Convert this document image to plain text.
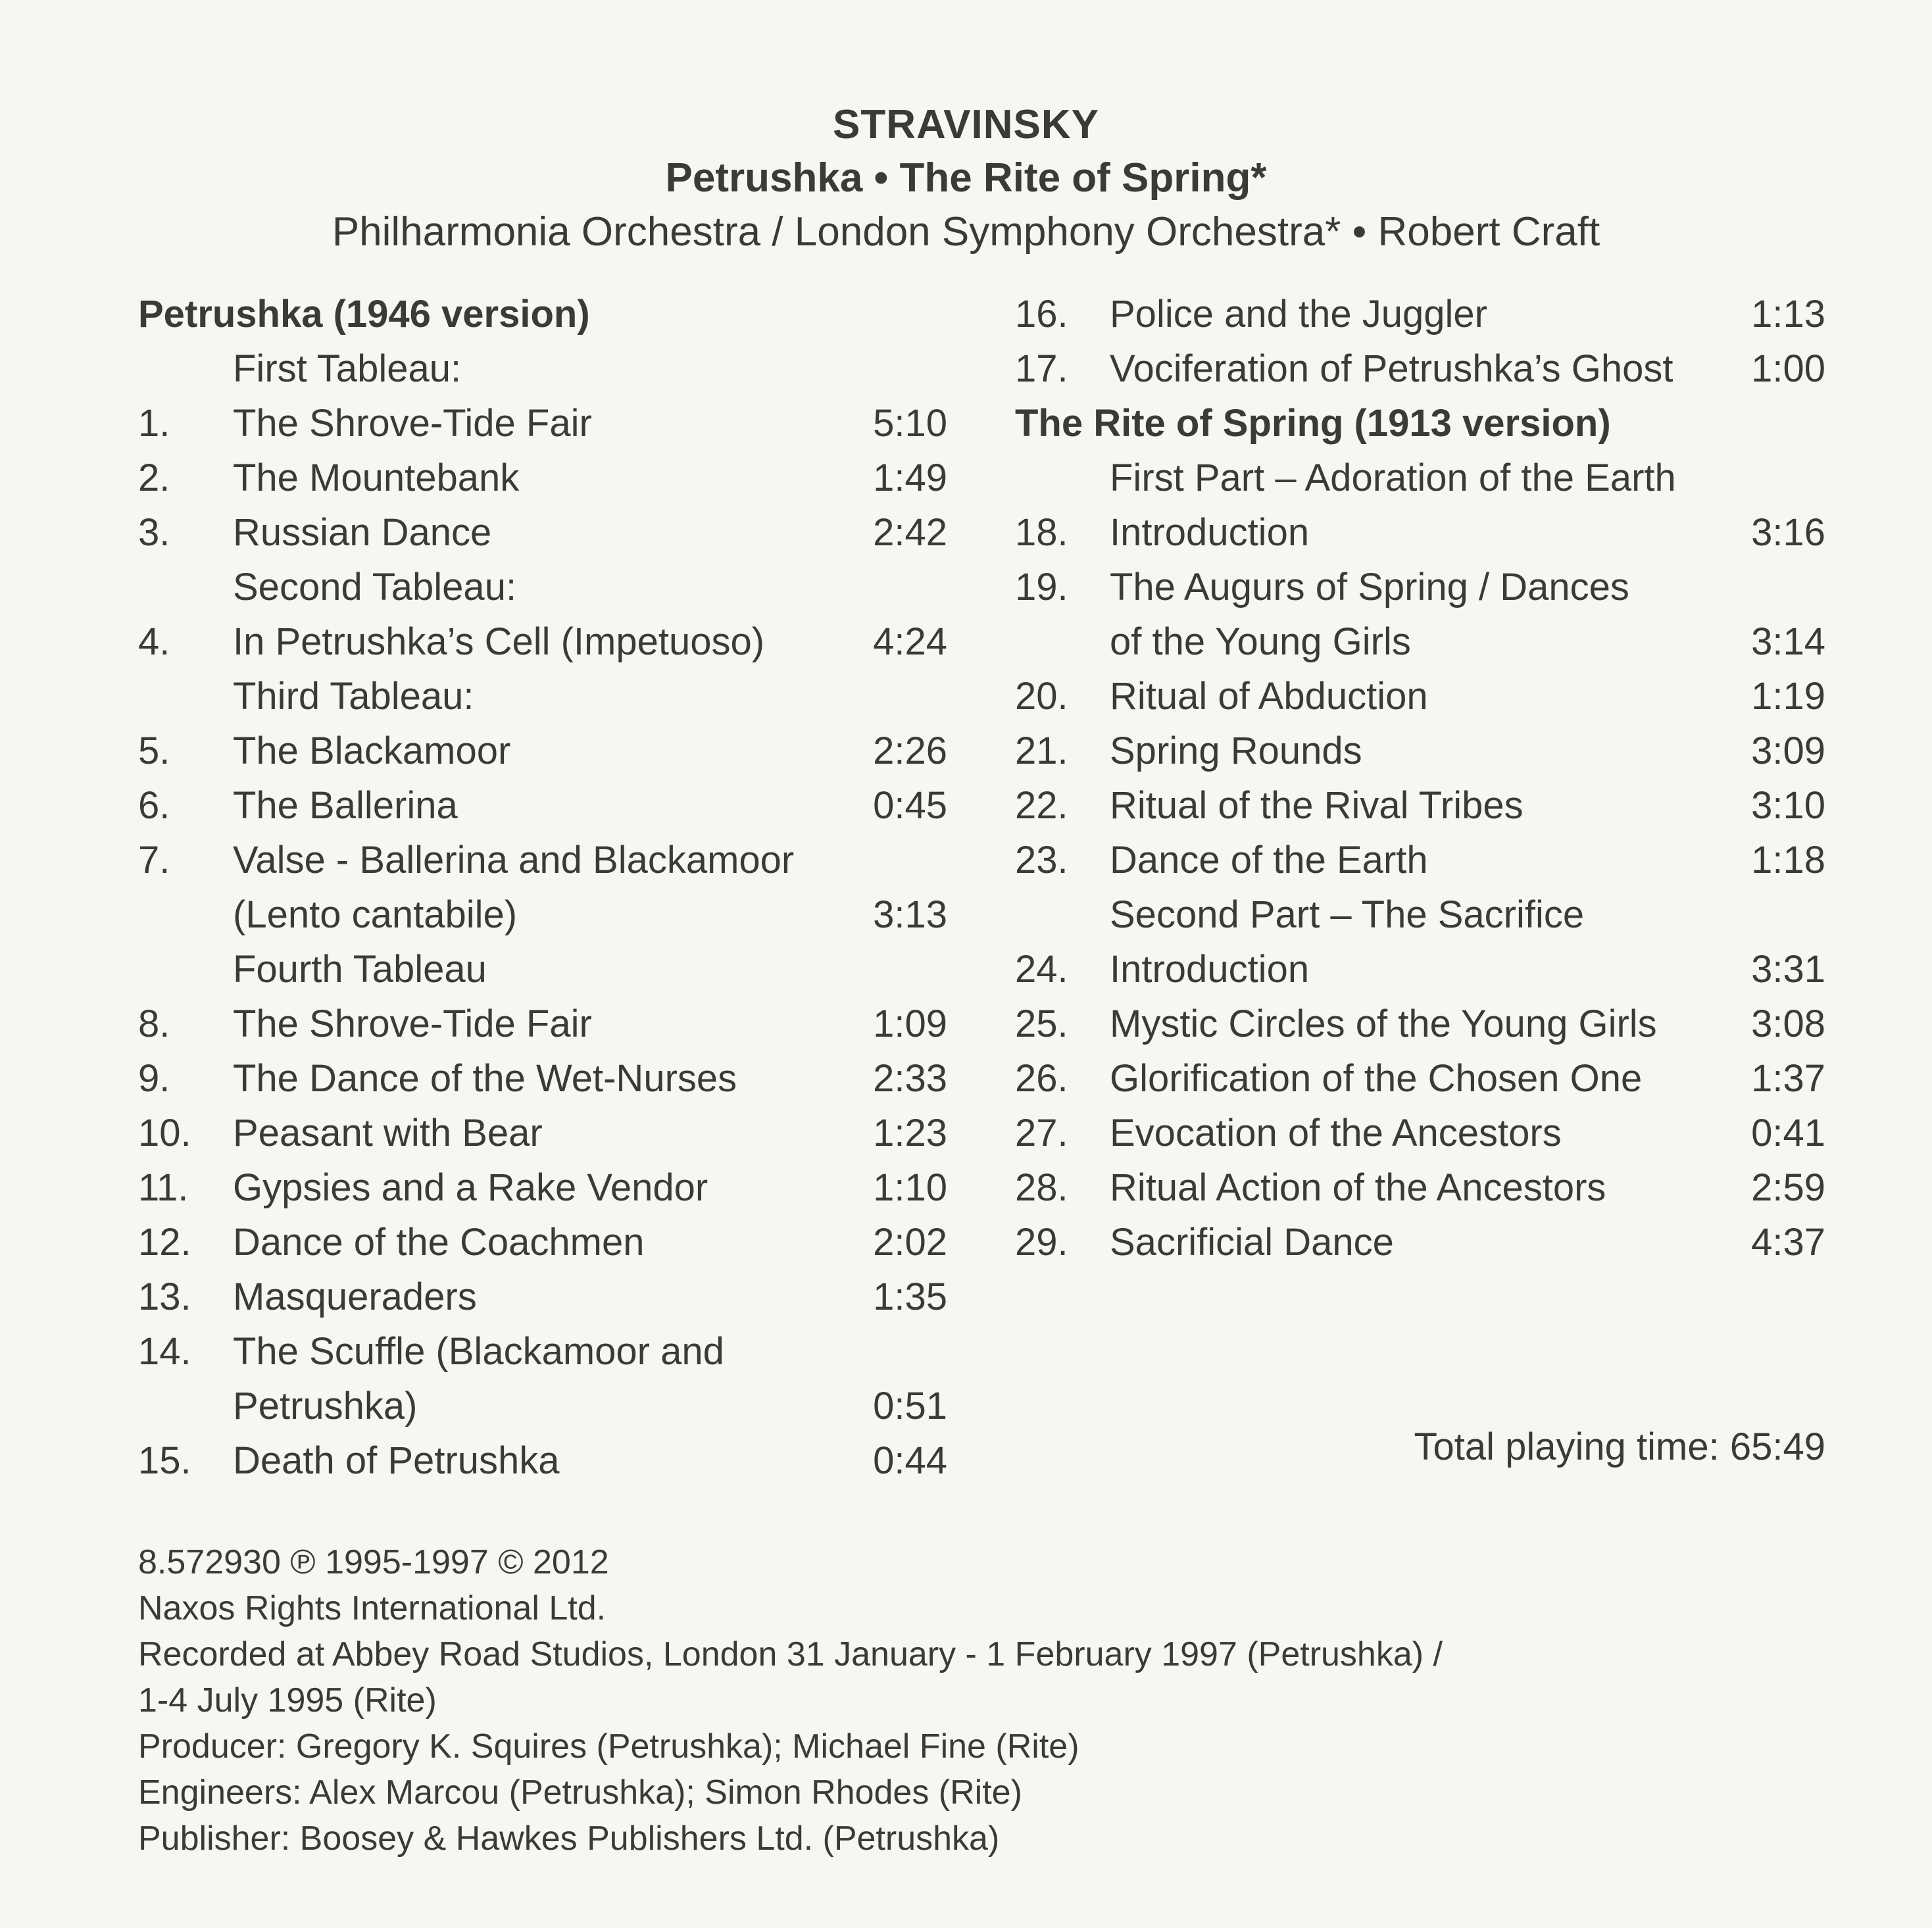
STRAVINSKY
Petrushka • The Rite of Spring*
Philharmonia Orchestra / London Symphony Orchestra* • Robert Craft
Petrushka (1946 version)
First Tableau:
1. The Shrove-Tide Fair	5:10
2. The Mountebank	1:49
3. Russian Dance	2:42
Second Tableau:
4. In Petrushka’s Cell (Impetuoso)	4:24
Third Tableau:
5. The Blackamoor	2:26
6. The Ballerina	0:45
7. Valse - Ballerina and Blackamoor
(Lento cantabile)	3:13
Fourth Tableau
8. The Shrove-Tide Fair	1:09
9. The Dance of the Wet-Nurses	2:33
10. Peasant with Bear	1:23
11. Gypsies and a Rake Vendor	1:10
12. Dance of the Coachmen	2:02
13. Masqueraders	1:35
14. The Scuffle (Blackamoor and
Petrushka)	0:51
15. Death of Petrushka	0:44
16. Police and the Juggler	1:13
17. Vociferation of Petrushka’s Ghost 1:00
The Rite of Spring (1913 version)
First Part – Adoration of the Earth
18. Introduction	3:16
19. The Augurs of Spring / Dances
of the Young Girls	3:14
20. Ritual of Abduction	1:19
21. Spring Rounds	3:09
22. Ritual of the Rival Tribes	3:10
23. Dance of the Earth	1:18
Second Part – The Sacrifice
24. Introduction	3:31
25. Mystic Circles of the Young Girls 3:08
26. Glorification of the Chosen One	1:37
27. Evocation of the Ancestors	0:41
28. Ritual Action of the Ancestors	2:59
29. Sacrificial Dance	4:37
Total playing time: 65:49
8.572930 ℗ 1995-1997 © 2012
Naxos Rights International Ltd.
Recorded at Abbey Road Studios, London 31 January - 1 February 1997 (Petrushka) /
1-4 July 1995 (Rite)
Producer: Gregory K. Squires (Petrushka); Michael Fine (Rite)
Engineers: Alex Marcou (Petrushka); Simon Rhodes (Rite)
Publisher: Boosey & Hawkes Publishers Ltd. (Petrushka)
